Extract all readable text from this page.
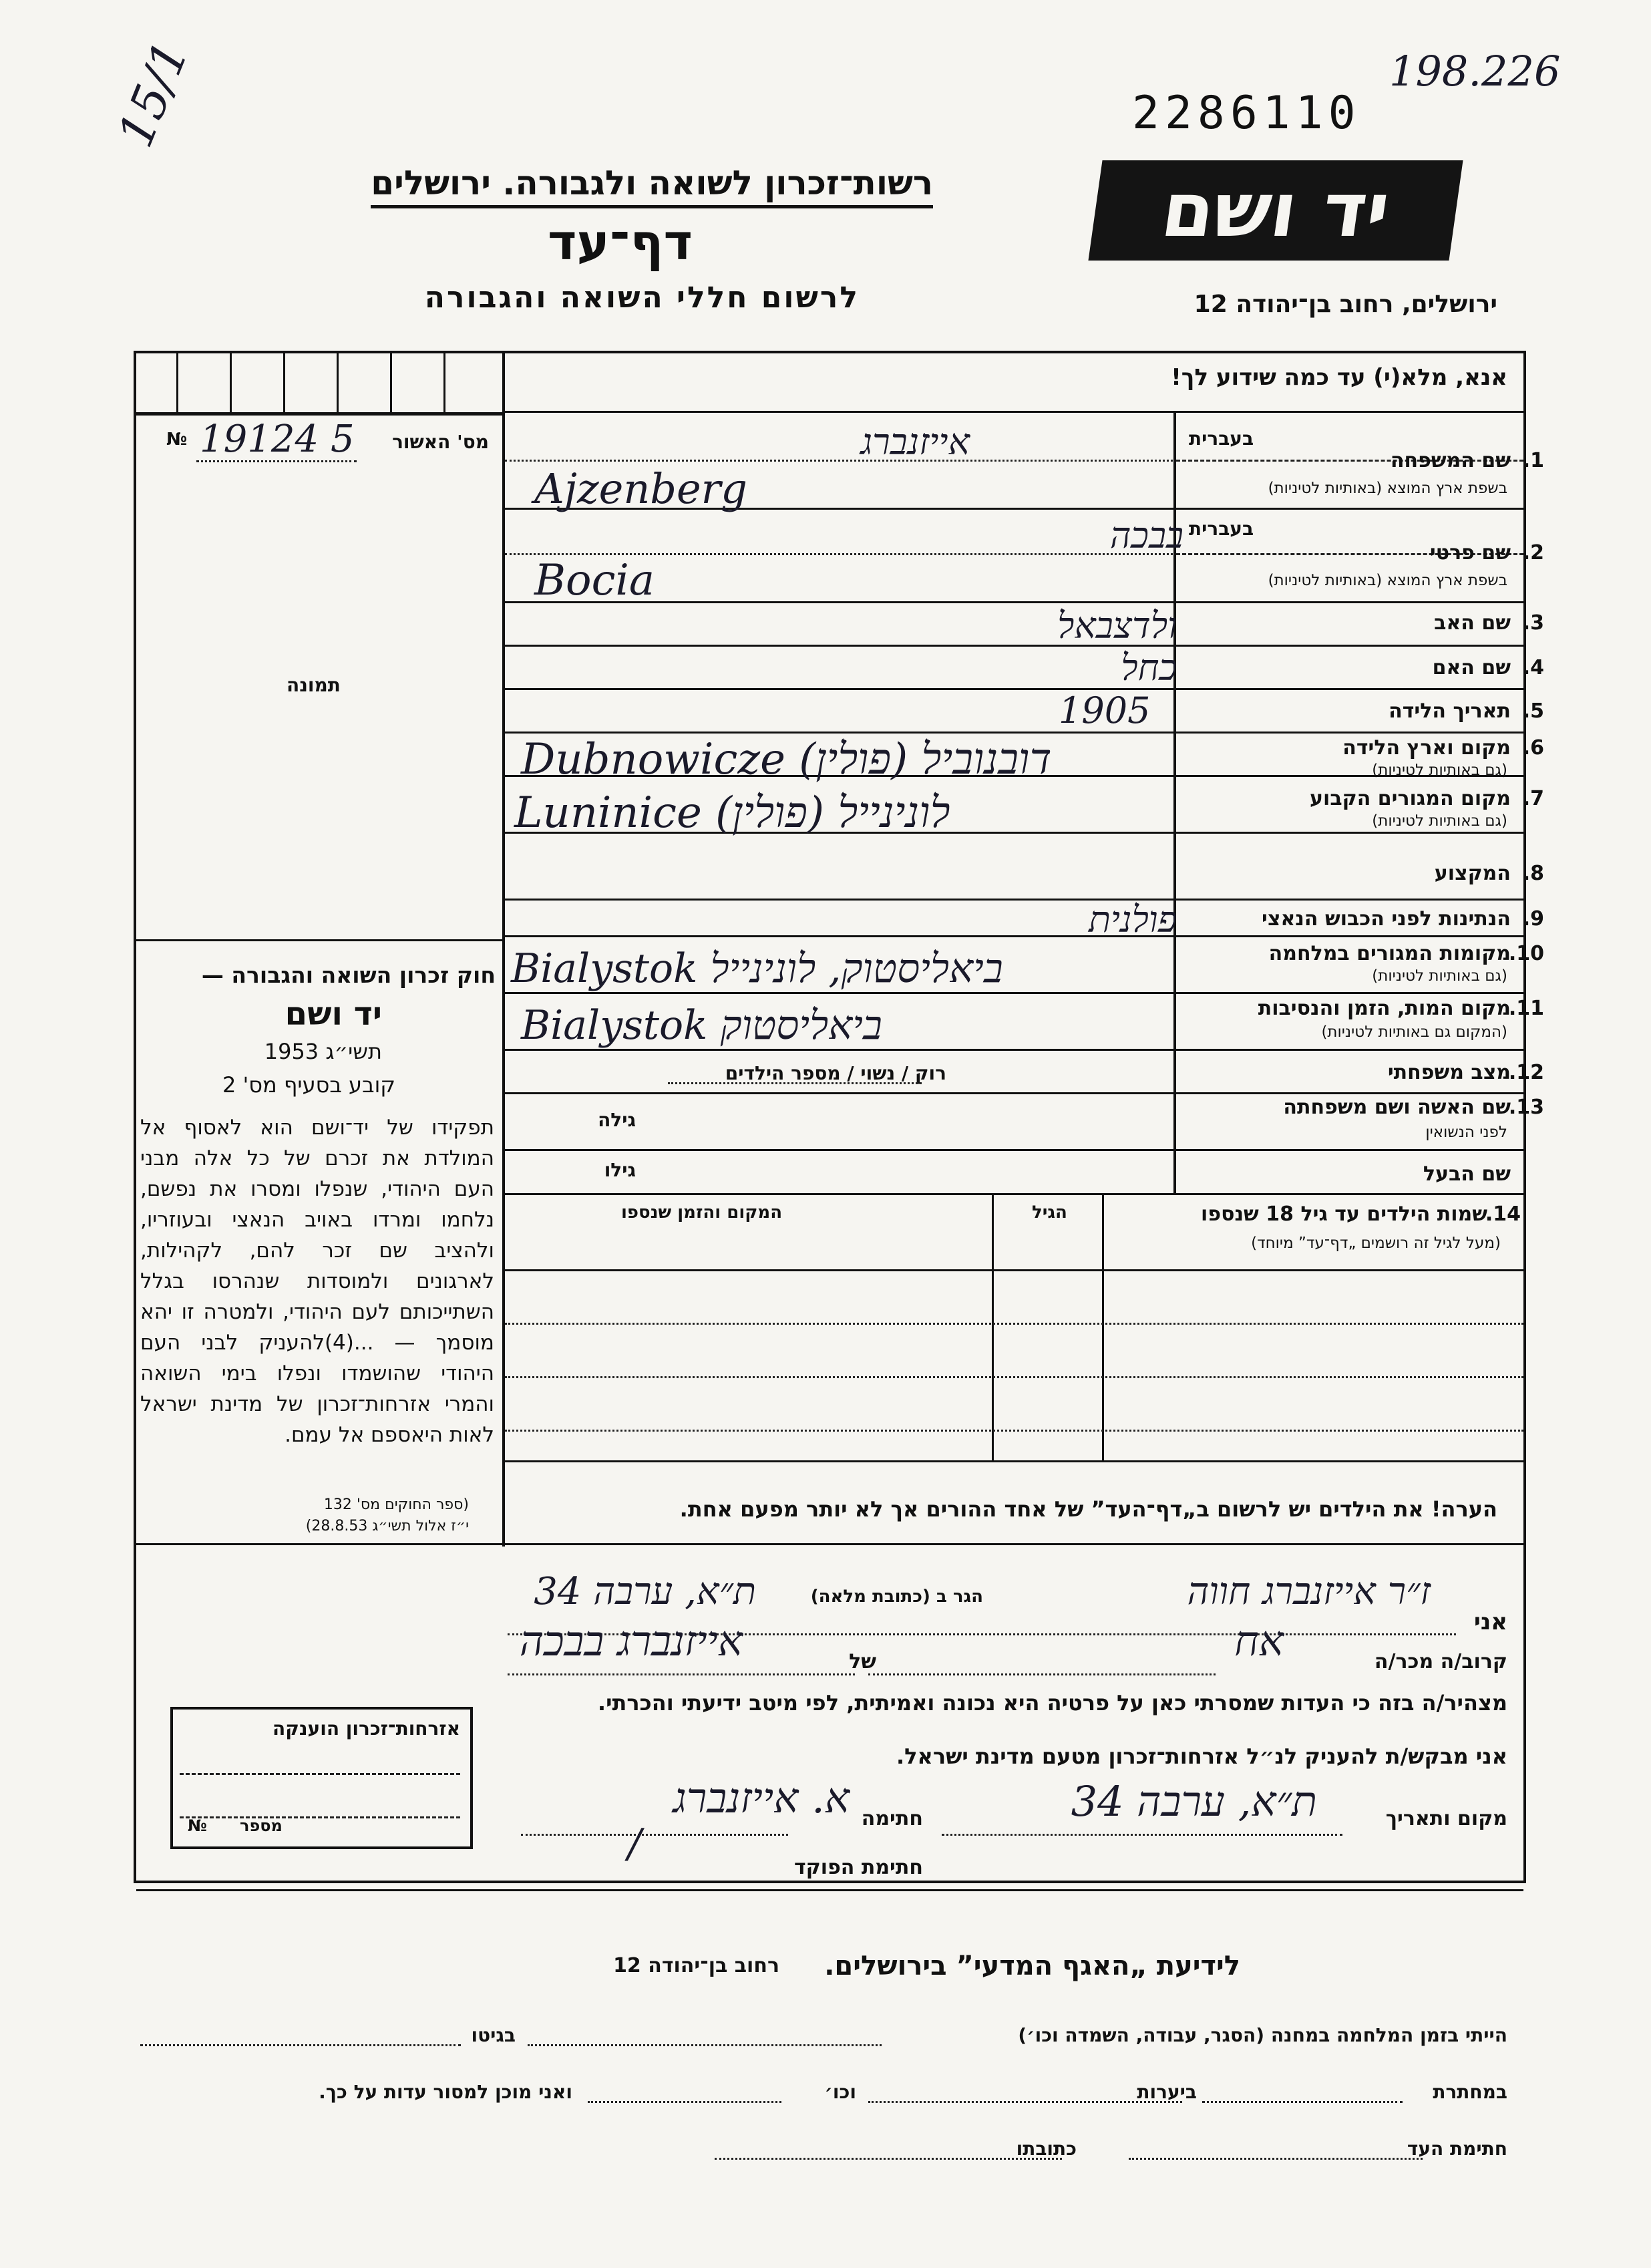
15/1	198.226
2286110
יד ושם
רשות־זכרון לשואה ולגבורה. ירושלים
דף־עד
לרשום חללי השואה והגבורה	ירושלים, רחוב בן־יהודה 12
אנא, מלא(י) עד כמה שידוע לך!
№ 19124 5 מס' האשור
תמונה
בעברית
שם המשפחה 1.
בשפת ארץ המוצא (באותיות לטיניות)
אייזנברג
Ajzenberg
בעברית
שם פרטי 2.
בשפת ארץ המוצא (באותיות לטיניות)
בבכה
Bocia
שם האב 3.
ולדצבאל
שם האם 4.
כחל
תאריך הלידה 5.
1905
מקום וארץ הלידה 6.
(גם באותיות לטיניות)
Dubnowicze (פולין) דובנוביל
מקום המגורים הקבוע 7.
(גם באותיות לטיניות)
Luninice (פולין) לונינייל
המקצוע 8.
הנתינות לפני הכבוש הנאצי 9.
פולנית
מקומות המגורים במלחמה
10.
(גם באותיות לטיניות)
Bialystok ביאליסטוק, לונינייל
מקום המות, הזמן והנסיבות
11.
(המקום גם באותיות לטיניות)
Bialystok ביאליסטוק
מצב משפחתי
12.
רוק / נשוי / מספר הילדים
שם האשה ושם משפחתה
13.
לפני הנשואין
גילה
שם הבעל
גילו
שמות הילדים עד גיל 18 שנספו
14.
(מעל לגיל זה רושמים „דף־עד” מיוחד)
הגיל
המקום והזמן שנספו
הערה! את הילדים יש לרשום ב„דף־העד” של אחד ההורים אך לא יותר מפעם אחת.
חוק זכרון השואה והגבורה —
יד ושם
תשי״ג 1953
קובע בסעיף מס' 2
תפקידו של יד־ושם הוא לאסוף אל המולדת את זכרם של כל אלה מבני העם היהודי, שנפלו ומסרו את נפשם, נלחמו ומרדו באויב הנאצי ובעוזריו, ולהציב שם זכר להם, לקהילות, לארגונים ולמוסדות שנהרסו בגלל השתייכותם לעם היהודי, ולמטרה זו יהא מוסמך — ...(4)להעניק לבני העם היהודי שהושמדו ונפלו בימי השואה והמרי אזרחות־זכרון של מדינת ישראל לאות היאספם אל עמם.
(ספר החוקים מס' 132
י״ז אלול תשי״ג 28.8.53)
אני
ז״ר אייזנברג חווה
הגר ב (כתובת מלאה)
ת״א, ערבה 34
קרוב/ה מכר/ה
אח
של
אייזנברג בבכה
מצהיר/ה בזה כי העדות שמסרתי כאן על פרטיה היא נכונה ואמיתית, לפי מיטב ידיעתי והכרתי.
אני מבקש/ת להעניק לנ״ל אזרחות־זכרון מטעם מדינת ישראל.
מקום ותאריך
ת״א, ערבה 34
חתימה
א. אייזנברג
חתימת הפוקד
/
אזרחות־זכרון הוענקה
מספר
№
לידיעת „האגף המדעי” בירושלים.
רחוב בן־יהודה 12
הייתי בזמן המלחמה במחנה (הסגר, עבודה, השמדה וכו׳)
בגיטו
במחתרת
ביערות
וכו׳
ואני מוכן למסור עדות על כך.
חתימת העד
כתובתו
